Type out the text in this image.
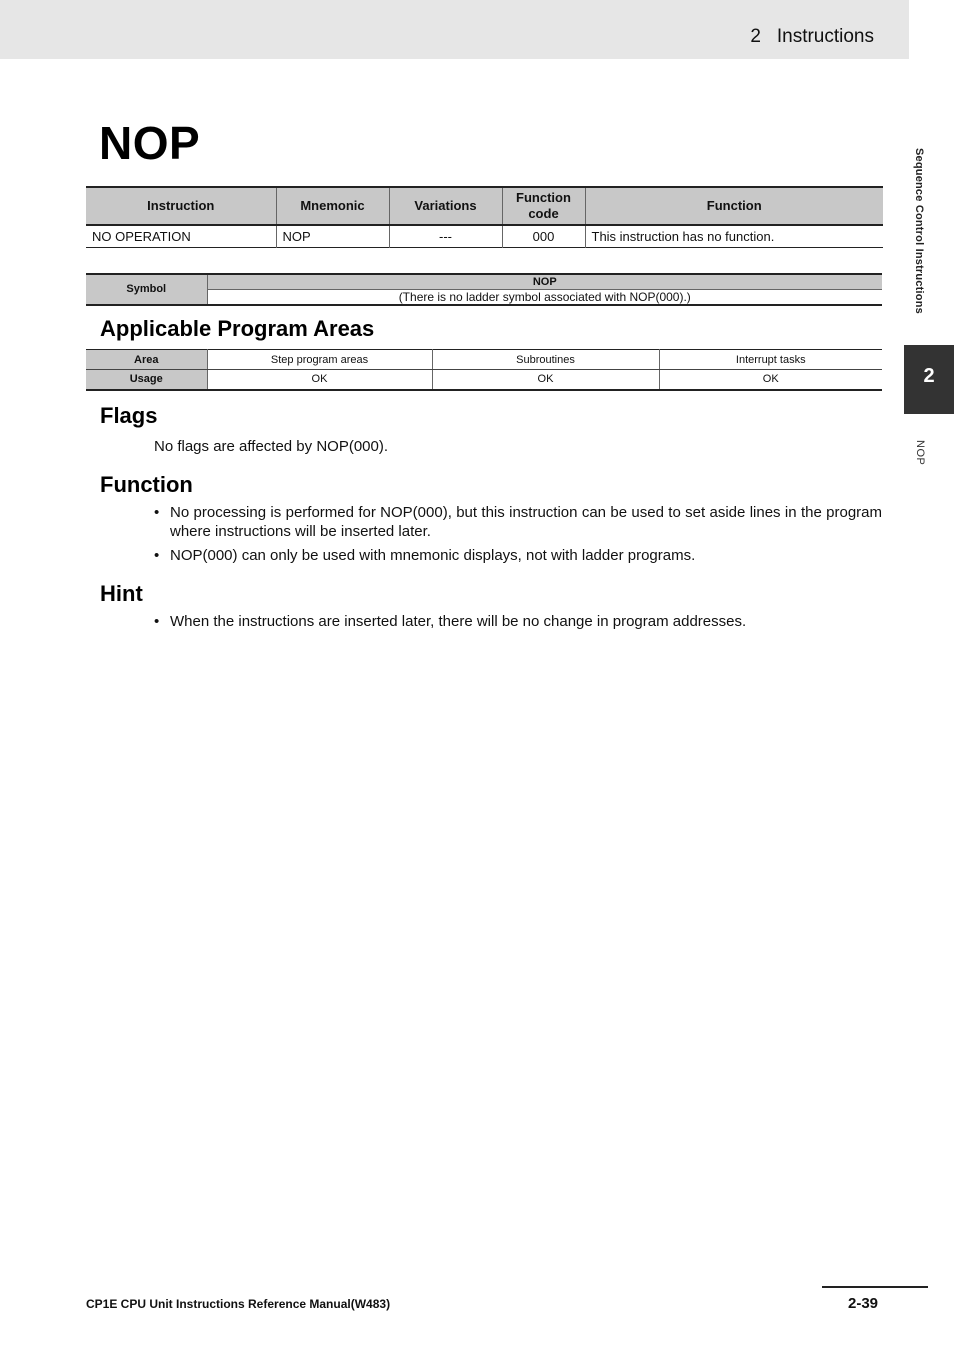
2 Instructions
Sequence Control Instructions
2
NOP
NOP
Instruction	Mnemonic	Variations	Function code	Function
NO OPERATION	NOP	---	000	This instruction has no function.
Symbol	NOP
(There is no ladder symbol associated with NOP(000).)
Applicable Program Areas
Area	Step program areas	Subroutines	Interrupt tasks
Usage	OK	OK	OK
Flags
No flags are affected by NOP(000).
Function
• No processing is performed for NOP(000), but this instruction can be used to set aside lines in the program where instructions will be inserted later.
• NOP(000) can only be used with mnemonic displays, not with ladder programs.
Hint
• When the instructions are inserted later, there will be no change in program addresses.
CP1E CPU Unit Instructions Reference Manual(W483)	2-39
